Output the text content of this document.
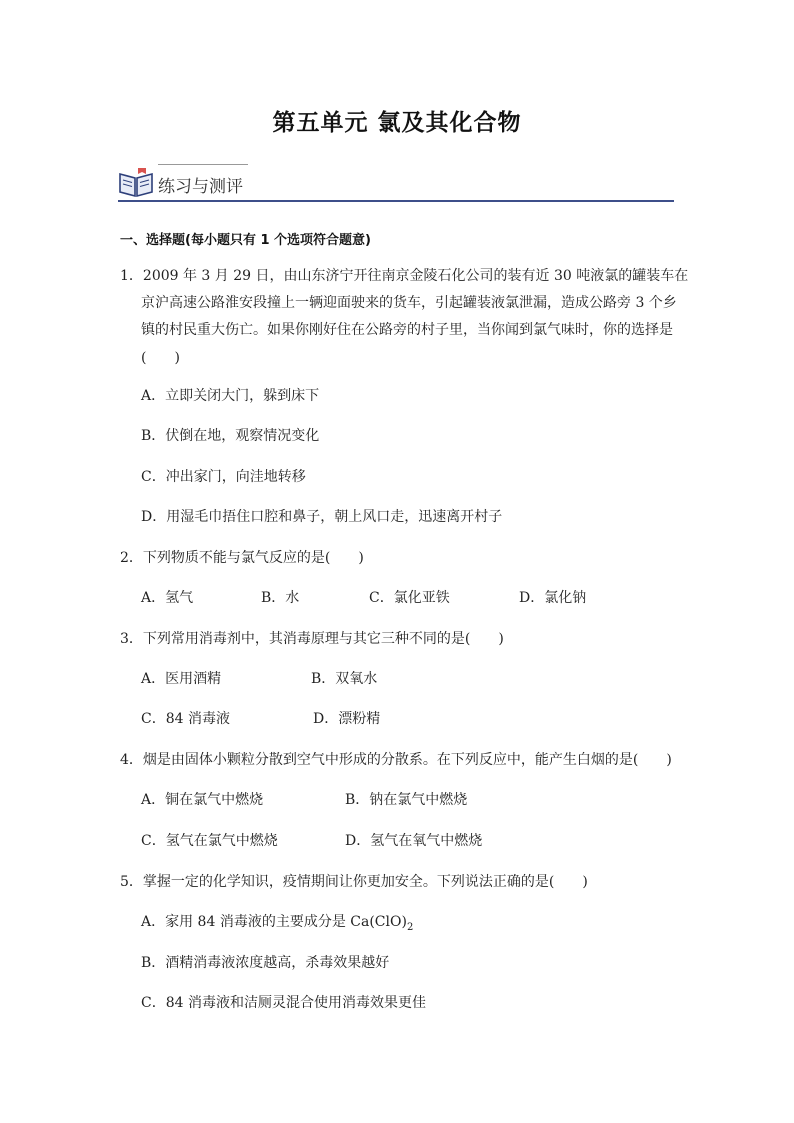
第五单元 氯及其化合物
练习与测评
一、选择题(每小题只有 1 个选项符合题意)
1．2009 年 3 月 29 日，由山东济宁开往南京金陵石化公司的装有近 30 吨液氯的罐装车在
京沪高速公路淮安段撞上一辆迎面驶来的货车，引起罐装液氯泄漏，造成公路旁 3 个乡
镇的村民重大伤亡。如果你刚好住在公路旁的村子里，当你闻到氯气味时，你的选择是
(　　)
A．立即关闭大门，躲到床下
B．伏倒在地，观察情况变化
C．冲出家门，向洼地转移
D．用湿毛巾捂住口腔和鼻子，朝上风口走，迅速离开村子
2．下列物质不能与氯气反应的是(　　)
A．氢气	B．水	C．氯化亚铁	D．氯化钠
3．下列常用消毒剂中，其消毒原理与其它三种不同的是(　　)
A．医用酒精	B．双氧水
C．84 消毒液	D．漂粉精
4．烟是由固体小颗粒分散到空气中形成的分散系。在下列反应中，能产生白烟的是(　　)
A．铜在氯气中燃烧	B．钠在氯气中燃烧
C．氢气在氯气中燃烧	D．氢气在氧气中燃烧
5．掌握一定的化学知识，疫情期间让你更加安全。下列说法正确的是(　　)
A．家用 84 消毒液的主要成分是 $Ca(ClO)_2$
B．酒精消毒液浓度越高，杀毒效果越好
C．84 消毒液和洁厕灵混合使用消毒效果更佳
